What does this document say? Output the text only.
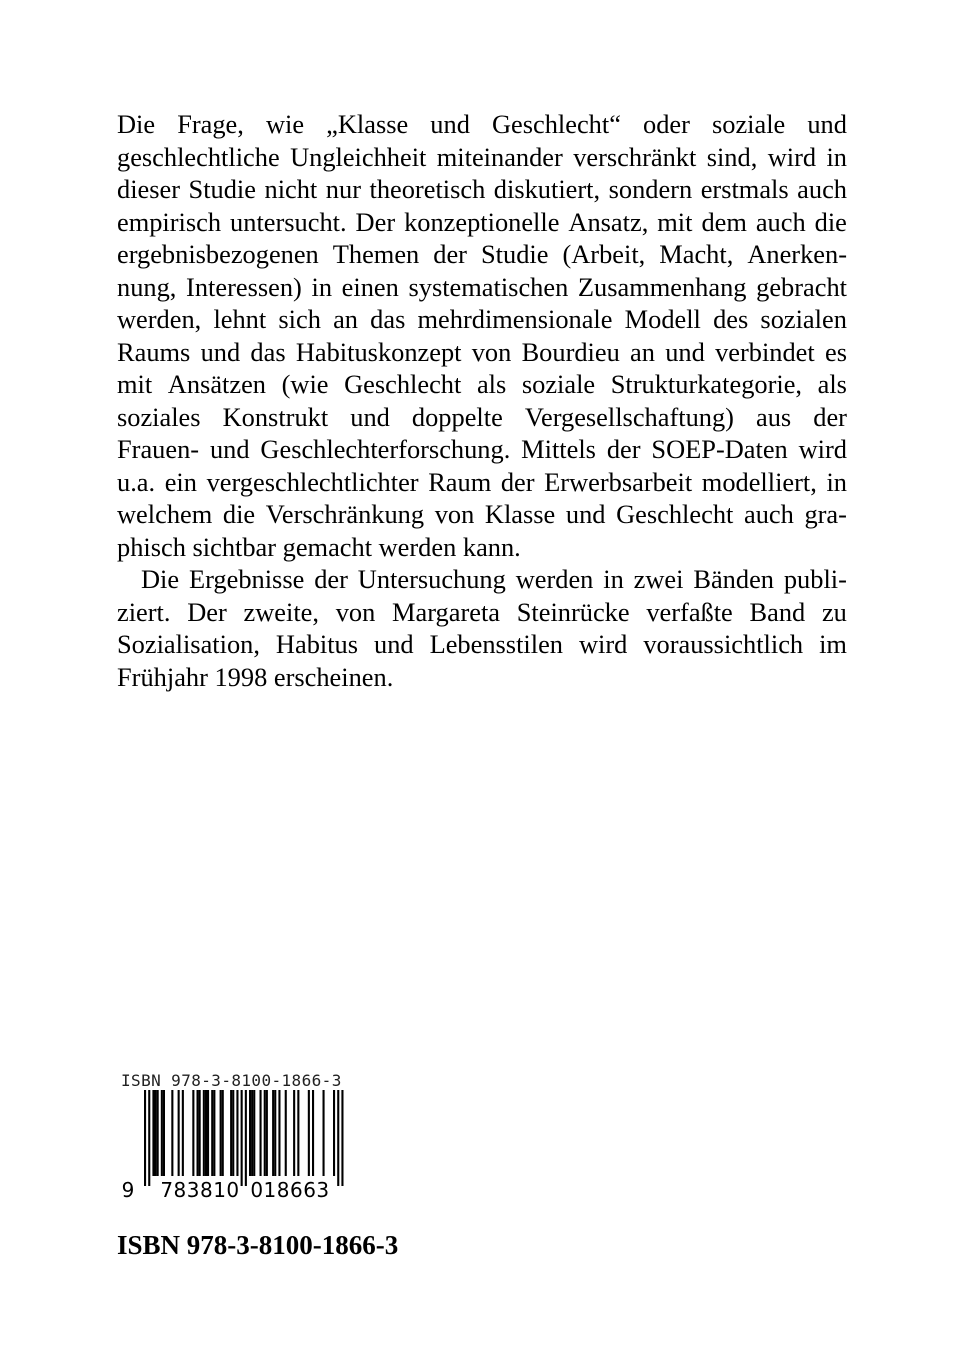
Die Frage, wie „Klasse und Geschlecht“ oder soziale und
geschlechtliche Ungleichheit miteinander verschränkt sind, wird in
dieser Studie nicht nur theoretisch diskutiert, sondern erstmals auch
empirisch untersucht. Der konzeptionelle Ansatz, mit dem auch die
ergebnisbezogenen Themen der Studie (Arbeit, Macht, Anerken-
nung, Interessen) in einen systematischen Zusammenhang gebracht
werden, lehnt sich an das mehrdimensionale Modell des sozialen
Raums und das Habituskonzept von Bourdieu an und verbindet es
mit Ansätzen (wie Geschlecht als soziale Strukturkategorie, als
soziales Konstrukt und doppelte Vergesellschaftung) aus der
Frauen- und Geschlechterforschung. Mittels der SOEP-Daten wird
u.a. ein vergeschlechtlichter Raum der Erwerbsarbeit modelliert, in
welchem die Verschränkung von Klasse und Geschlecht auch gra-
phisch sichtbar gemacht werden kann.
Die Ergebnisse der Untersuchung werden in zwei Bänden publi-
ziert. Der zweite, von Margareta Steinrücke verfaßte Band zu
Sozialisation, Habitus und Lebensstilen wird voraussichtlich im
Frühjahr 1998 erscheinen.
ISBN 978-3-8100-1866-3
9 783810 018663
ISBN 978-3-8100-1866-3
